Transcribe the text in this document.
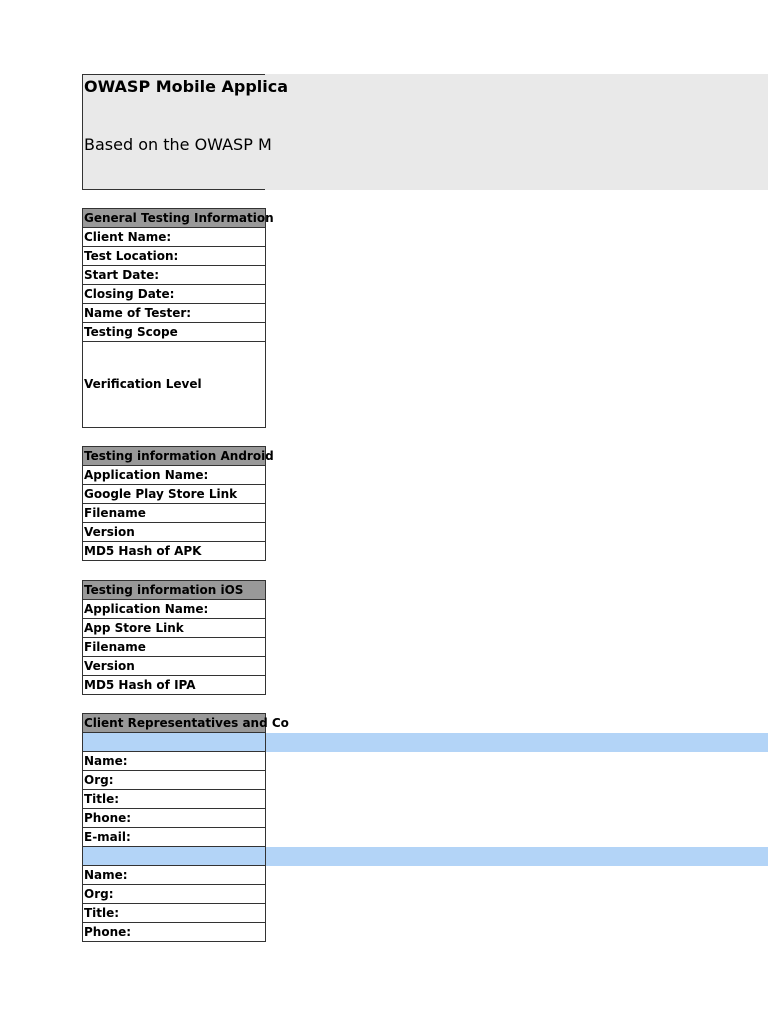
OWASP Mobile Applica
Based on the OWASP M
General Testing Information
Client Name:
Test Location:
Start Date:
Closing Date:
Name of Tester:
Testing Scope
Verification Level
Testing information Android
Application Name:
Google Play Store Link
Filename
Version
MD5 Hash of APK
Testing information iOS
Application Name:
App Store Link
Filename
Version
MD5 Hash of IPA
Client Representatives and Co
Name:
Org:
Title:
Phone:
E-mail:
Name:
Org:
Title:
Phone:
